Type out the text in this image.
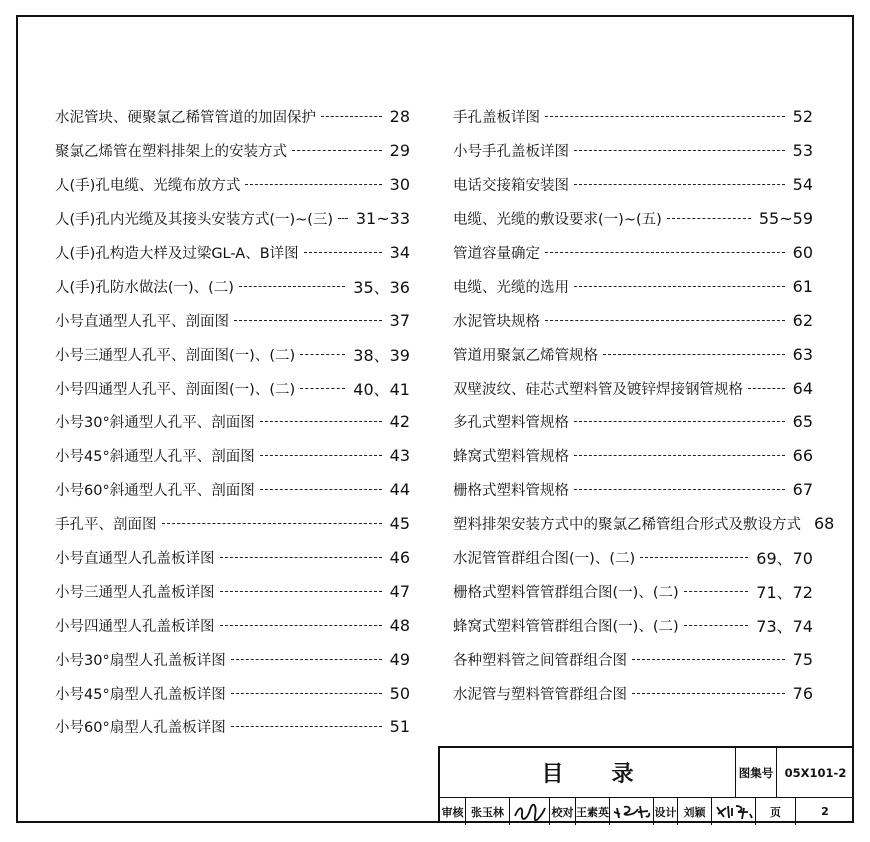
水泥管块、硬聚氯乙稀管管道的加固保护	28
聚氯乙烯管在塑料排架上的安装方式	29
人(手)孔电缆、光缆布放方式	30
人(手)孔内光缆及其接头安装方式(一)~(三) 31~33
人(手)孔构造大样及过梁GL-A、B详图	34
人(手)孔防水做法(一)、(二)	35、36
小号直通型人孔平、剖面图	37
小号三通型人孔平、剖面图(一)、(二)	38、39
小号四通型人孔平、剖面图(一)、(二)	40、41
小号30°斜通型人孔平、剖面图	42
小号45°斜通型人孔平、剖面图	43
小号60°斜通型人孔平、剖面图	44
手孔平、剖面图	45
小号直通型人孔盖板详图	46
小号三通型人孔盖板详图	47
小号四通型人孔盖板详图	48
小号30°扇型人孔盖板详图	49
小号45°扇型人孔盖板详图	50
小号60°扇型人孔盖板详图	51
手孔盖板详图	52
小号手孔盖板详图	53
电话交接箱安装图	54
电缆、光缆的敷设要求(一)~(五)	55~59
管道容量确定	60
电缆、光缆的选用	61
水泥管块规格	62
管道用聚氯乙烯管规格	63
双壁波纹、硅芯式塑料管及镀锌焊接钢管规格	64
多孔式塑料管规格	65
蜂窝式塑料管规格	66
栅格式塑料管规格	67
塑料排架安装方式中的聚氯乙稀管组合形式及敷设方式 68
水泥管管群组合图(一)、(二)	69、70
栅格式塑料管管群组合图(一)、(二)	71、72
蜂窝式塑料管管群组合图(一)、(二)	73、74
各种塑料管之间管群组合图	75
水泥管与塑料管管群组合图	76
目录	图集号 05X101-2
审核 张玉林	校对 王素英	设计 刘颖	页	2
